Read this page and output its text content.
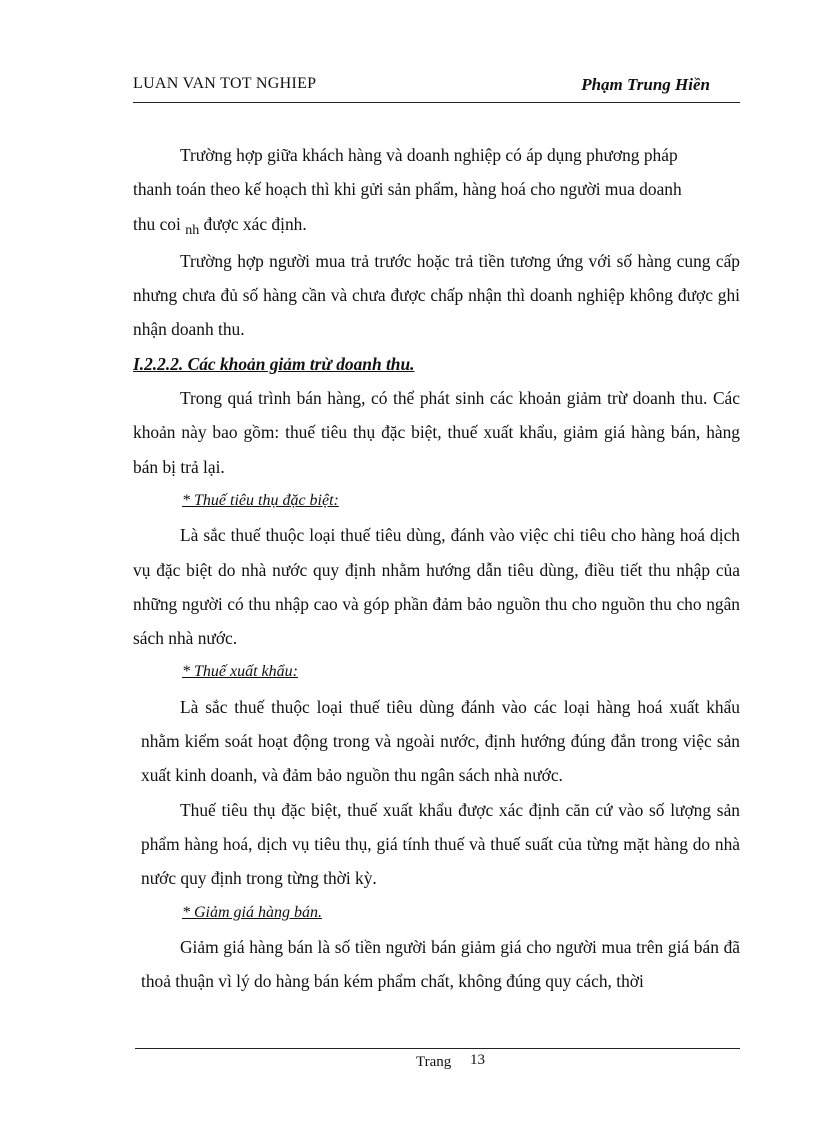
LUAN VAN TOT NGHIEP	Phạm Trung Hiền

Trường hợp giữa khách hàng và doanh nghiệp có áp dụng phương pháp
thanh toán theo kế hoạch thì khi gửi sản phẩm, hàng hoá cho người mua doanh
thu coi $_{nh}$ được xác định.

Trường hợp người mua trả trước hoặc trả tiền tương ứng với số hàng cung cấp nhưng chưa đủ số hàng cần và chưa được chấp nhận thì doanh nghiệp không được ghi nhận doanh thu.

I.2.2.2. Các khoản giảm trừ doanh thu.

Trong quá trình bán hàng, có thể phát sinh các khoản giảm trừ doanh thu. Các khoản này bao gồm: thuế tiêu thụ đặc biệt, thuế xuất khẩu, giảm giá hàng bán, hàng bán bị trả lại.

* Thuế tiêu thụ đặc biệt:

Là sắc thuế thuộc loại thuế tiêu dùng, đánh vào việc chi tiêu cho hàng hoá dịch vụ đặc biệt do nhà nước quy định nhằm hướng dẫn tiêu dùng, điều tiết thu nhập của những người có thu nhập cao và góp phần đảm bảo nguồn thu cho nguồn thu cho ngân sách nhà nước.

* Thuế xuất khẩu:

Là sắc thuế thuộc loại thuế tiêu dùng đánh vào các loại hàng hoá xuất khẩu nhằm kiểm soát hoạt động trong và ngoài nước, định hướng đúng đắn trong việc sản xuất kinh doanh, và đảm bảo nguồn thu ngân sách nhà nước.

Thuế tiêu thụ đặc biệt, thuế xuất khẩu được xác định căn cứ vào số lượng sản phẩm hàng hoá, dịch vụ tiêu thụ, giá tính thuế và thuế suất của từng mặt hàng do nhà nước quy định trong từng thời kỳ.

* Giảm giá hàng bán.

Giảm giá hàng bán là số tiền người bán giảm giá cho người mua trên giá bán đã thoả thuận vì lý do hàng bán kém phẩm chất, không đúng quy cách, thời

Trang 13
